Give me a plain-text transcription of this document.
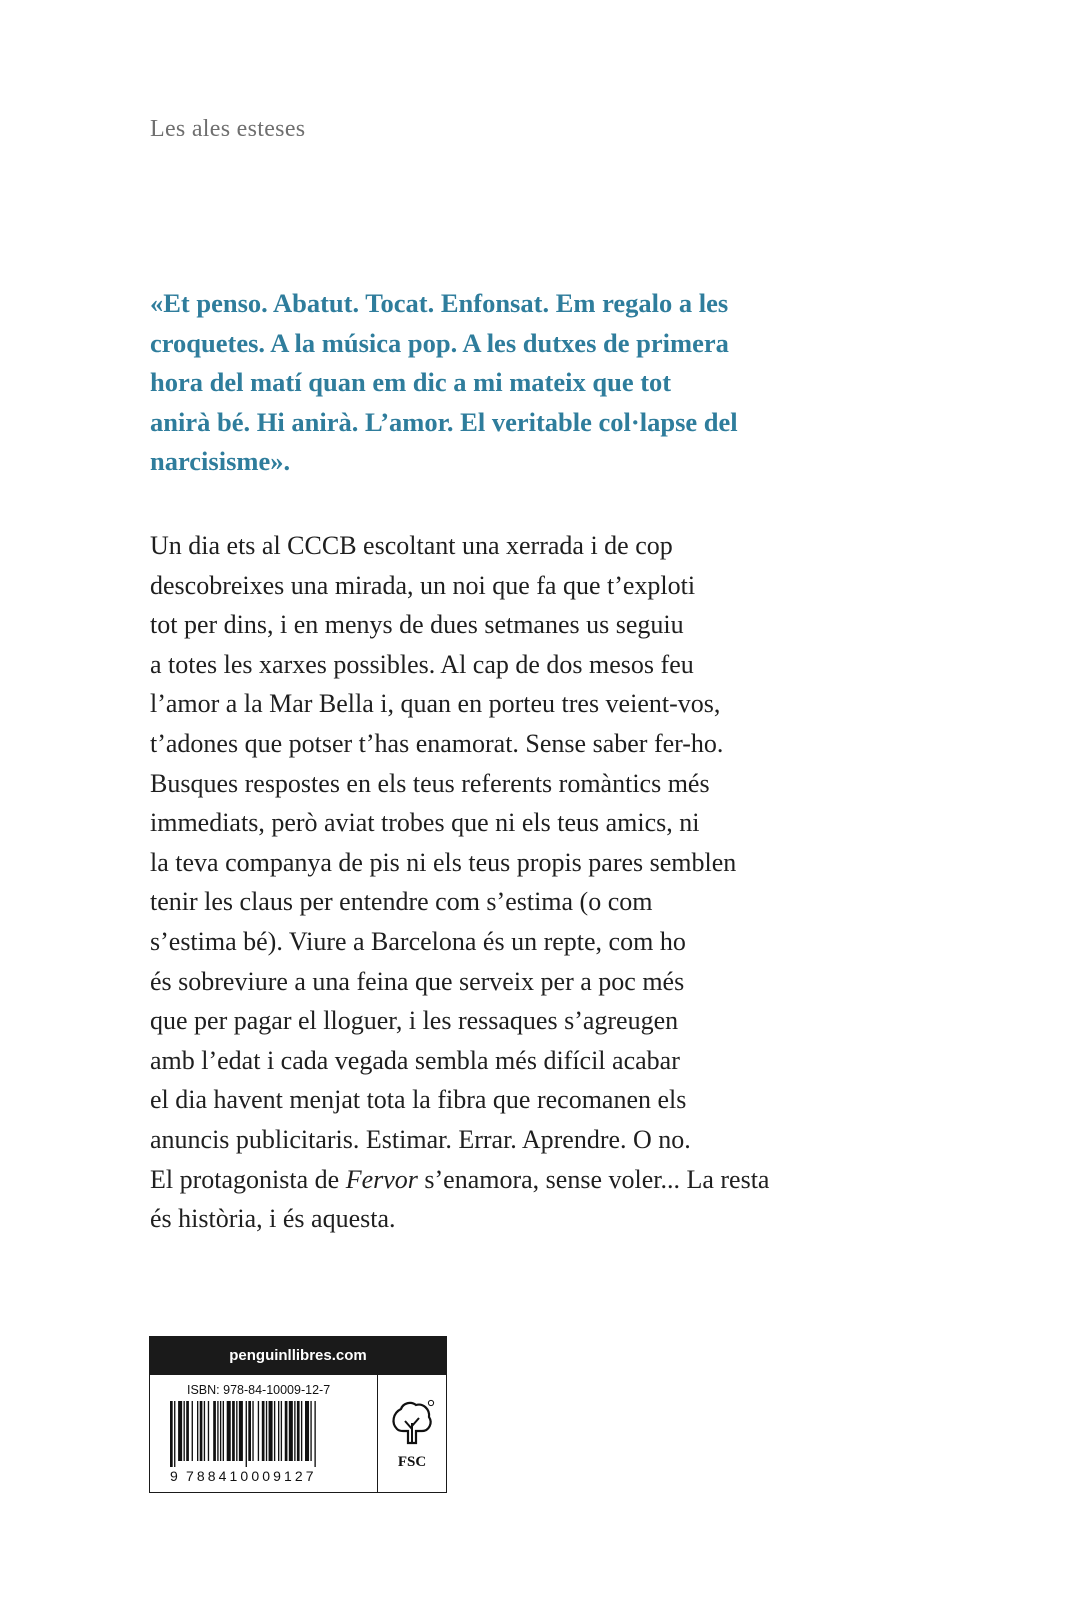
Les ales esteses

«Et penso. Abatut. Tocat. Enfonsat. Em regalo a les
croquetes. A la música pop. A les dutxes de primera
hora del matí quan em dic a mi mateix que tot
anirà bé. Hi anirà. L’amor. El veritable col·lapse del
narcisisme».

Un dia ets al CCCB escoltant una xerrada i de cop
descobreixes una mirada, un noi que fa que t’exploti
tot per dins, i en menys de dues setmanes us seguiu
a totes les xarxes possibles. Al cap de dos mesos feu
l’amor a la Mar Bella i, quan en porteu tres veient-vos,
t’adones que potser t’has enamorat. Sense saber fer-ho.
Busques respostes en els teus referents romàntics més
immediats, però aviat trobes que ni els teus amics, ni
la teva companya de pis ni els teus propis pares semblen
tenir les claus per entendre com s’estima (o com
s’estima bé). Viure a Barcelona és un repte, com ho
és sobreviure a una feina que serveix per a poc més
que per pagar el lloguer, i les ressaques s’agreugen
amb l’edat i cada vegada sembla més difícil acabar
el dia havent menjat tota la fibra que recomanen els
anuncis publicitaris. Estimar. Errar. Aprendre. O no.
El protagonista de Fervor s’enamora, sense voler... La resta
és història, i és aquesta.

penguinllibres.com
ISBN: 978-84-10009-12-7
9 788410009127
FSC
